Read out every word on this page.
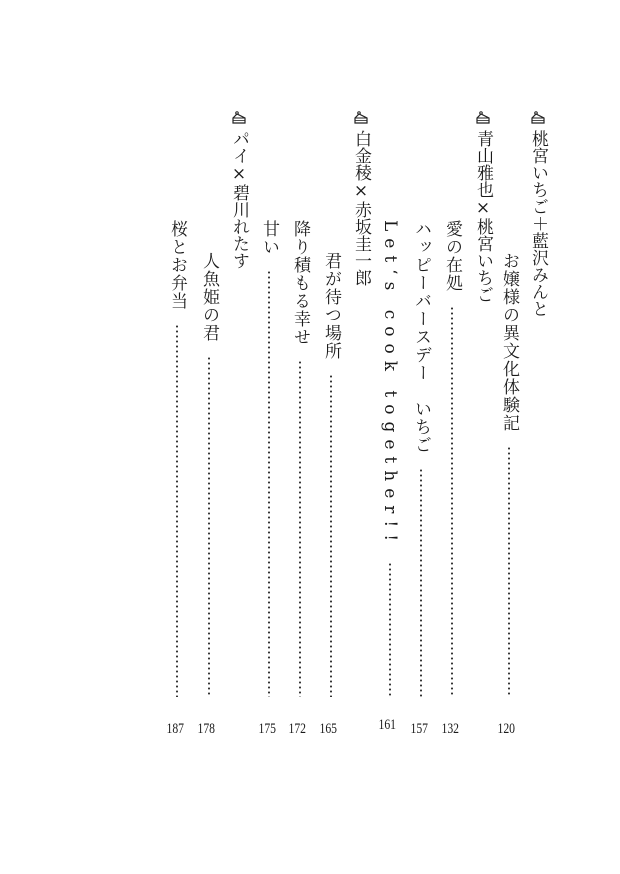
桃宮いちご＋藍沢みんと
お嬢様の異文化体験記
120
青山雅也×桃宮いちご
愛の在処
132
ハッピーバースデー　いちご
157
Let‘s cook together!!
161
白金稜×赤坂圭一郎
君が待つ場所
165
降り積もる幸せ
172
甘い
175
パイ×碧川れたす
人魚姫の君
178
桜とお弁当
187
